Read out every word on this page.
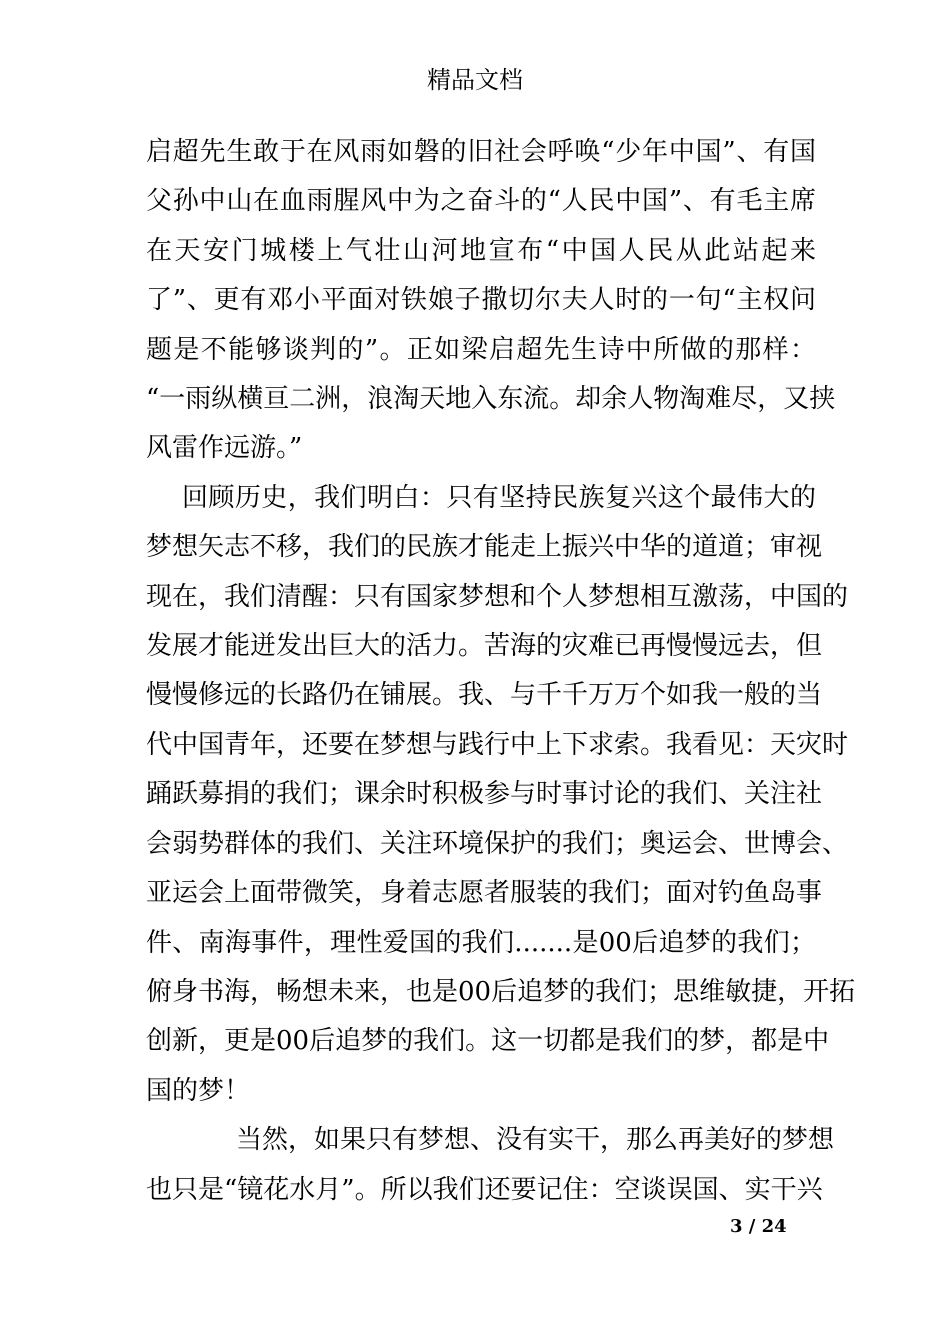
精品文档
启超先生敢于在风雨如磐的旧社会呼唤“少年中国”、有国
父孙中山在血雨腥风中为之奋斗的“人民中国”、有毛主席
在天安门城楼上气壮山河地宣布“中国人民从此站起来
了”、更有邓小平面对铁娘子撒切尔夫人时的一句“主权问
题是不能够谈判的”。正如梁启超先生诗中所做的那样：
“一雨纵横亘二洲，浪淘天地入东流。却余人物淘难尽，又挟
风雷作远游。”
回顾历史，我们明白：只有坚持民族复兴这个最伟大的
梦想矢志不移，我们的民族才能走上振兴中华的道道；审视
现在，我们清醒：只有国家梦想和个人梦想相互激荡，中国的
发展才能迸发出巨大的活力。苦海的灾难已再慢慢远去，但
慢慢修远的长路仍在铺展。我、与千千万万个如我一般的当
代中国青年，还要在梦想与践行中上下求索。我看见：天灾时
踊跃募捐的我们；课余时积极参与时事讨论的我们、关注社
会弱势群体的我们、关注环境保护的我们；奥运会、世博会、
亚运会上面带微笑，身着志愿者服装的我们；面对钓鱼岛事
件、南海事件，理性爱国的我们.......是00后追梦的我们；
俯身书海，畅想未来，也是00后追梦的我们；思维敏捷，开拓
创新，更是00后追梦的我们。这一切都是我们的梦，都是中
国的梦！
当然，如果只有梦想、没有实干，那么再美好的梦想
也只是“镜花水月”。所以我们还要记住：空谈误国、实干兴
3 / 24
